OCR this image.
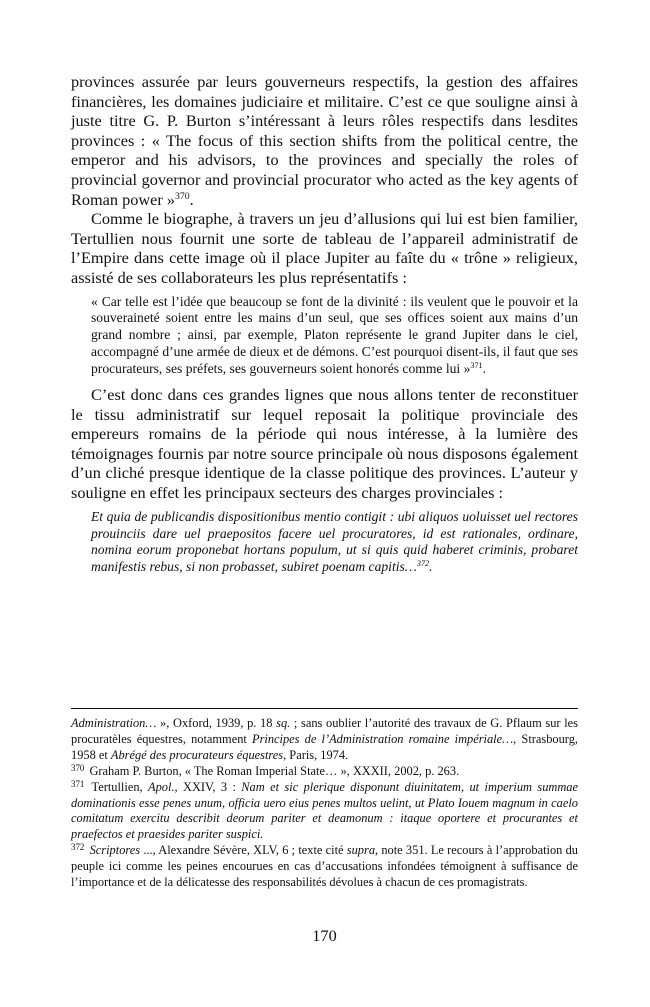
provinces assurée par leurs gouverneurs respectifs, la gestion des affaires financières, les domaines judiciaire et militaire. C’est ce que souligne ainsi à juste titre G. P. Burton s’intéressant à leurs rôles respectifs dans lesdites provinces : « The focus of this section shifts from the political centre, the emperor and his advisors, to the provinces and specially the roles of provincial governor and provincial procurator who acted as the key agents of Roman power »$^{370}$.

Comme le biographe, à travers un jeu d’allusions qui lui est bien familier, Tertullien nous fournit une sorte de tableau de l’appareil administratif de l’Empire dans cette image où il place Jupiter au faîte du « trône » religieux, assisté de ses collaborateurs les plus représentatifs :

« Car telle est l’idée que beaucoup se font de la divinité : ils veulent que le pouvoir et la souveraineté soient entre les mains d’un seul, que ses offices soient aux mains d’un grand nombre ; ainsi, par exemple, Platon représente le grand Jupiter dans le ciel, accompagné d’une armée de dieux et de démons. C’est pourquoi disent-ils, il faut que ses procurateurs, ses préfets, ses gouverneurs soient honorés comme lui »$^{371}$.

C’est donc dans ces grandes lignes que nous allons tenter de reconstituer le tissu administratif sur lequel reposait la politique provinciale des empereurs romains de la période qui nous intéresse, à la lumière des témoignages fournis par notre source principale où nous disposons également d’un cliché presque identique de la classe politique des provinces. L’auteur y souligne en effet les principaux secteurs des charges provinciales :

Et quia de publicandis dispositionibus mentio contigit : ubi aliquos uoluisset uel rectores prouinciis dare uel praepositos facere uel procuratores, id est rationales, ordinare, nomina eorum proponebat hortans populum, ut si quis quid haberet criminis, probaret manifestis rebus, si non probasset, subiret poenam capitis…$^{372}$.

Administration… », Oxford, 1939, p. 18 sq. ; sans oublier l’autorité des travaux de G. Pflaum sur les procuratèles équestres, notamment Principes de l’Administration romaine impériale…, Strasbourg, 1958 et Abrégé des procurateurs équestres, Paris, 1974.

$^{370}$ Graham P. Burton, « The Roman Imperial State… », XXXII, 2002, p. 263.

$^{371}$ Tertullien, Apol., XXIV, 3 : Nam et sic plerique disponunt diuinitatem, ut imperium summae dominationis esse penes unum, officia uero eius penes multos uelint, ut Plato Iouem magnum in caelo comitatum exercitu describit deorum pariter et deamonum : itaque oportere et procurantes et praefectos et praesides pariter suspici.

$^{372}$ Scriptores ..., Alexandre Sévère, XLV, 6 ; texte cité supra, note 351. Le recours à l’approbation du peuple ici comme les peines encourues en cas d’accusations infondées témoignent à suffisance de l’importance et de la délicatesse des responsabilités dévolues à chacun de ces promagistrats.

170
